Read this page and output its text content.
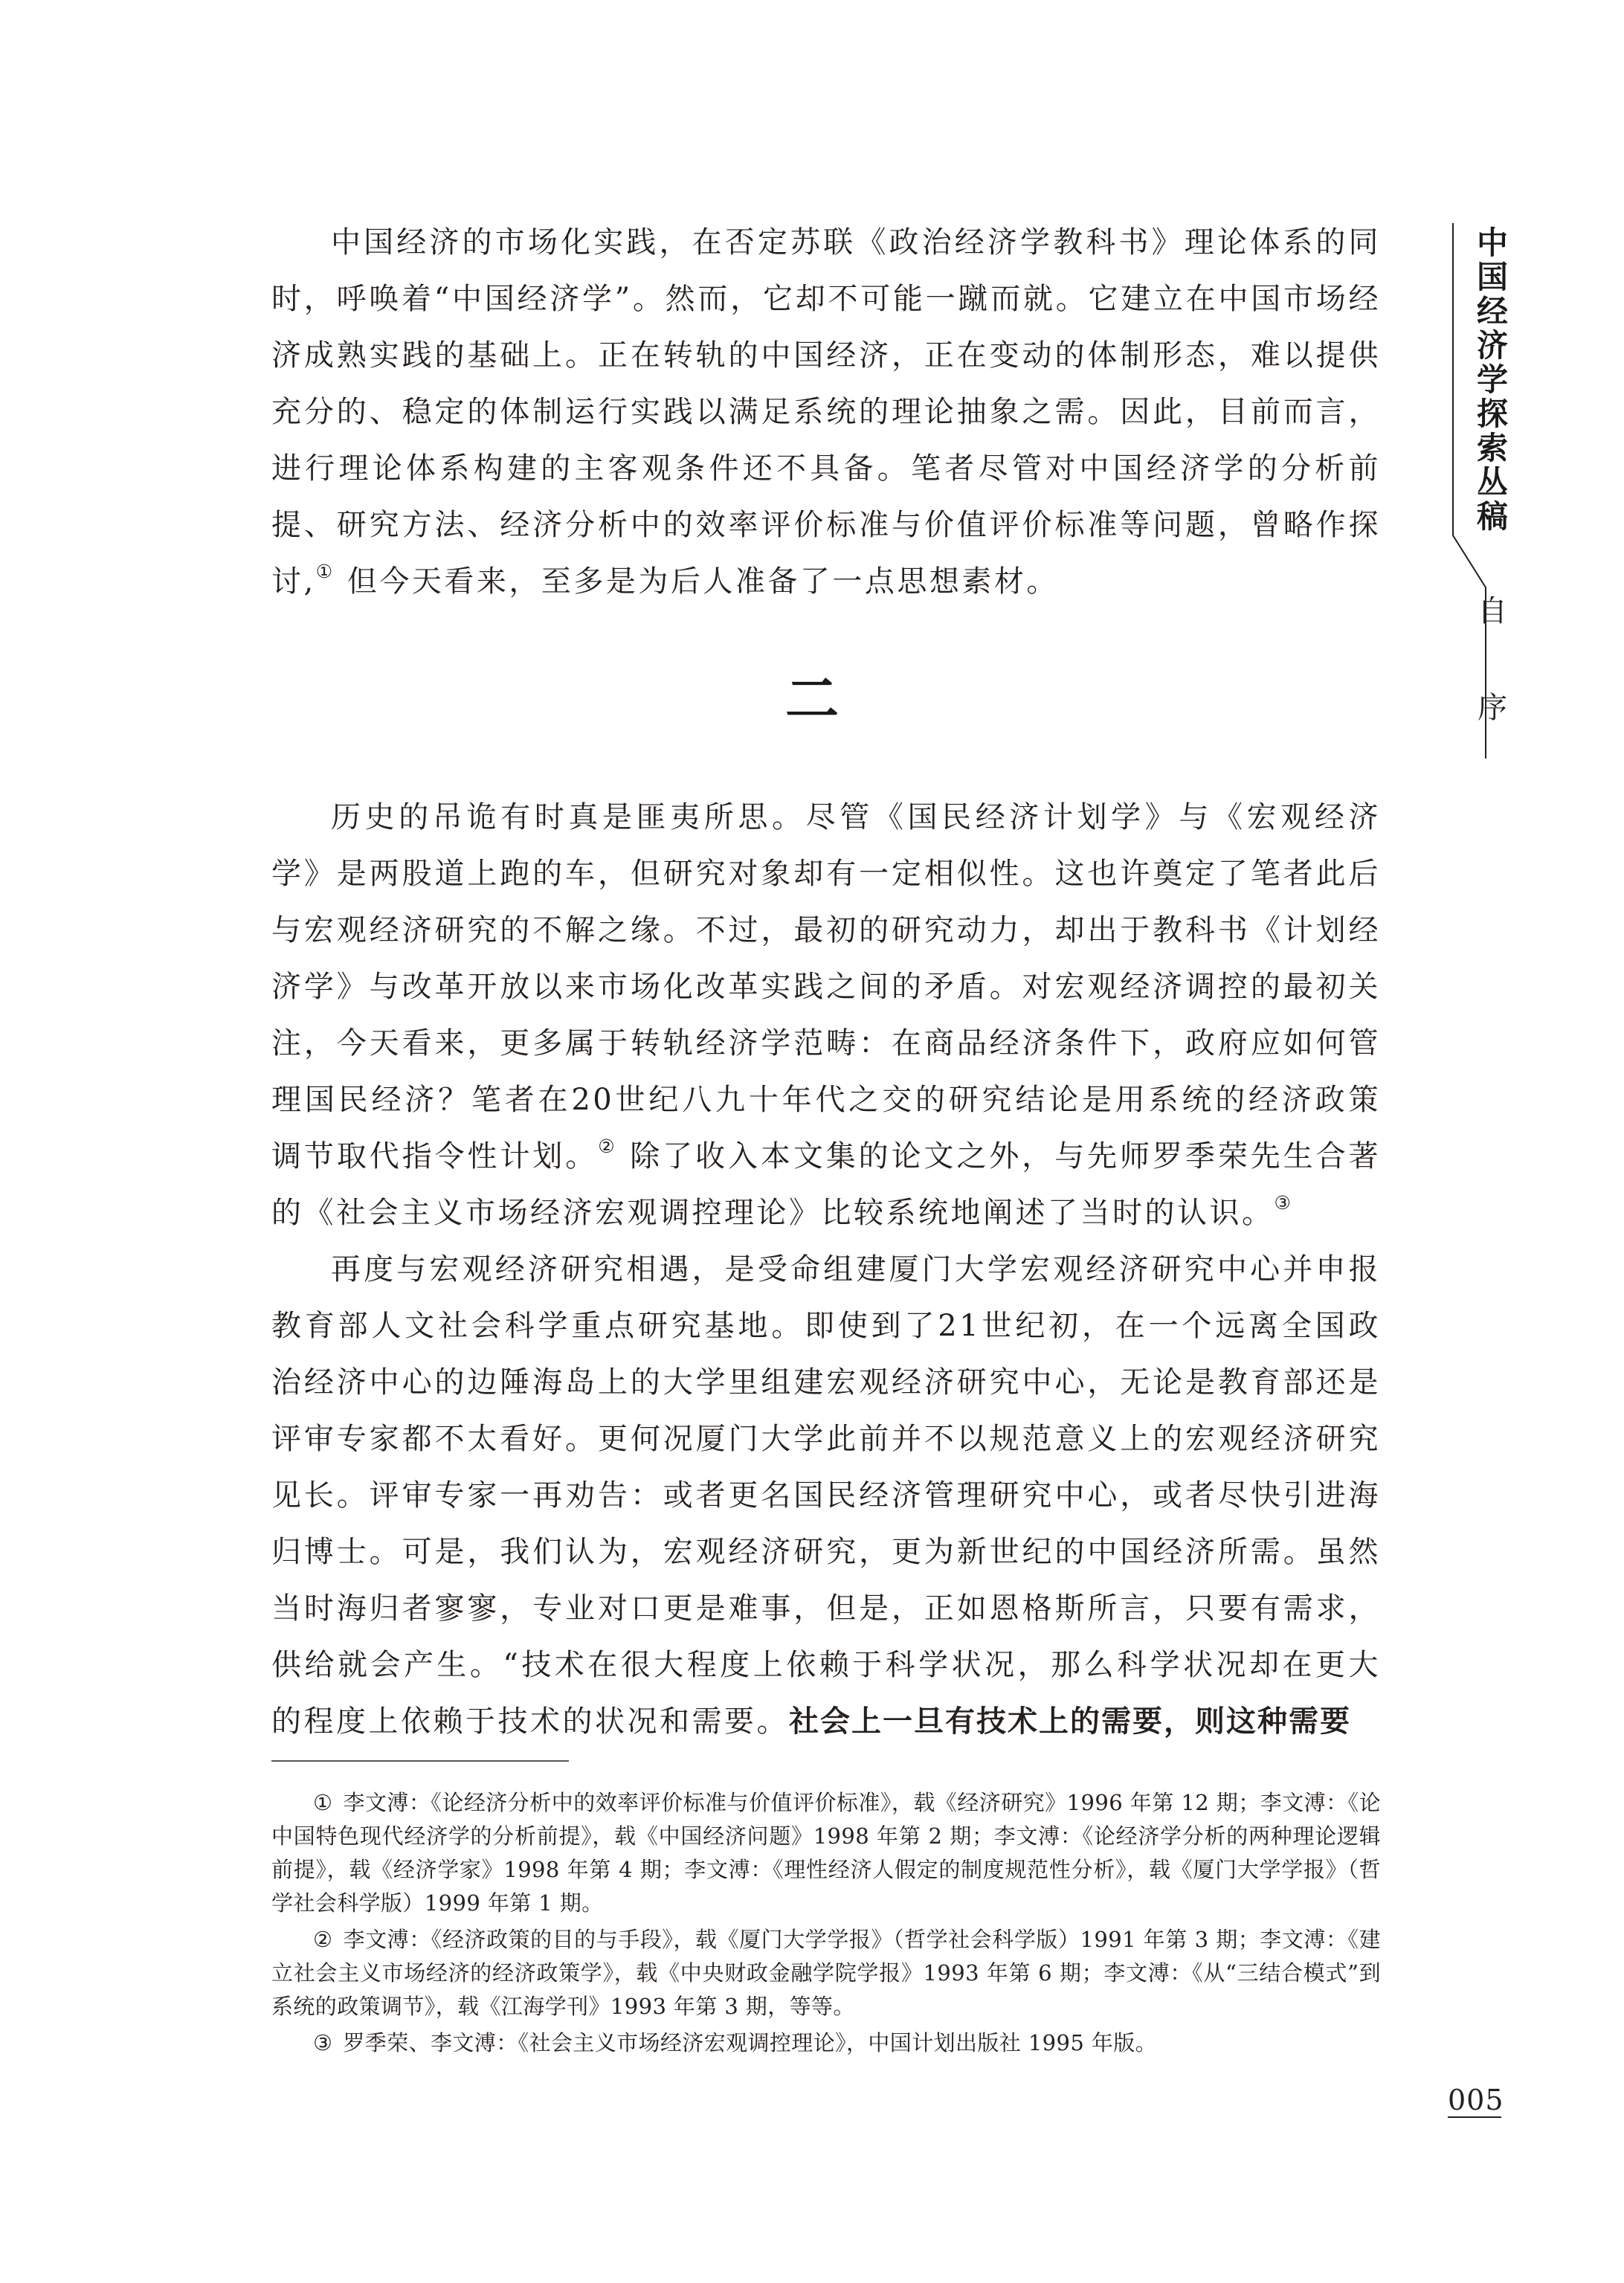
中国经济学探索丛稿
自
序

中国经济的市场化实践，在否定苏联《政治经济学教科书》理论体系的同时，呼唤着“中国经济学”。然而，它却不可能一蹴而就。它建立在中国市场经济成熟实践的基础上。正在转轨的中国经济，正在变动的体制形态，难以提供充分的、稳定的体制运行实践以满足系统的理论抽象之需。因此，目前而言，进行理论体系构建的主客观条件还不具备。笔者尽管对中国经济学的分析前提、研究方法、经济分析中的效率评价标准与价值评价标准等问题，曾略作探讨,① 但今天看来，至多是为后人准备了一点思想素材。

二

历史的吊诡有时真是匪夷所思。尽管《国民经济计划学》与《宏观经济学》是两股道上跑的车，但研究对象却有一定相似性。这也许奠定了笔者此后与宏观经济研究的不解之缘。不过，最初的研究动力，却出于教科书《计划经济学》与改革开放以来市场化改革实践之间的矛盾。对宏观经济调控的最初关注，今天看来，更多属于转轨经济学范畴：在商品经济条件下，政府应如何管理国民经济？笔者在20世纪八九十年代之交的研究结论是用系统的经济政策调节取代指令性计划。② 除了收入本文集的论文之外，与先师罗季荣先生合著的《社会主义市场经济宏观调控理论》比较系统地阐述了当时的认识。③

再度与宏观经济研究相遇，是受命组建厦门大学宏观经济研究中心并申报教育部人文社会科学重点研究基地。即使到了21世纪初，在一个远离全国政治经济中心的边陲海岛上的大学里组建宏观经济研究中心，无论是教育部还是评审专家都不太看好。更何况厦门大学此前并不以规范意义上的宏观经济研究见长。评审专家一再劝告：或者更名国民经济管理研究中心，或者尽快引进海归博士。可是，我们认为，宏观经济研究，更为新世纪的中国经济所需。虽然当时海归者寥寥，专业对口更是难事，但是，正如恩格斯所言，只要有需求，供给就会产生。“技术在很大程度上依赖于科学状况，那么科学状况却在更大的程度上依赖于技术的状况和需要。社会上一旦有技术上的需要，则这种需要

① 李文溥：《论经济分析中的效率评价标准与价值评价标准》，载《经济研究》1996 年第 12 期；李文溥：《论中国特色现代经济学的分析前提》，载《中国经济问题》1998 年第 2 期；李文溥：《论经济学分析的两种理论逻辑前提》，载《经济学家》1998 年第 4 期；李文溥：《理性经济人假定的制度规范性分析》，载《厦门大学学报》（哲学社会科学版）1999 年第 1 期。

② 李文溥：《经济政策的目的与手段》，载《厦门大学学报》（哲学社会科学版）1991 年第 3 期；李文溥：《建立社会主义市场经济的经济政策学》，载《中央财政金融学院学报》1993 年第 6 期；李文溥：《从“三结合模式”到系统的政策调节》，载《江海学刊》1993 年第 3 期，等等。

③ 罗季荣、李文溥：《社会主义市场经济宏观调控理论》，中国计划出版社 1995 年版。

005
